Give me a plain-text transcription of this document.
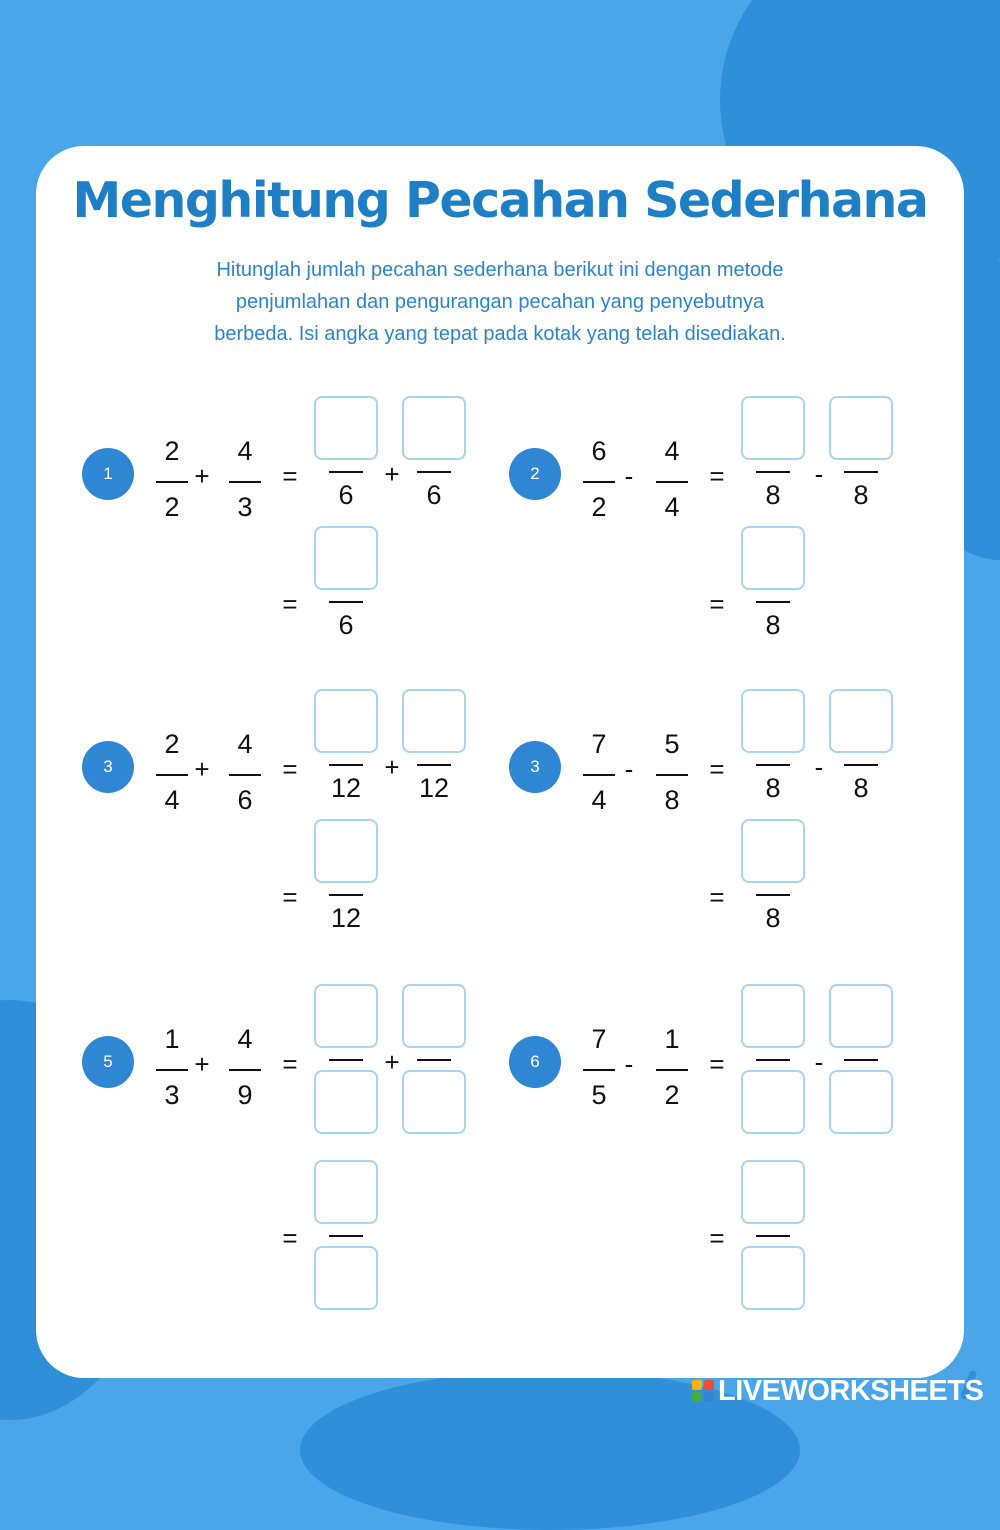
Menghitung Pecahan Sederhana
Hitunglah jumlah pecahan sederhana berikut ini dengan metode
penjumlahan dan pengurangan pecahan yang penyebutnya
berbeda. Isi angka yang tepat pada kotak yang telah disediakan.
1
2
2
+
4
3
=	+
6	6
=
6
2
6
2
-
4
4
=	-
8	8
=
8
3
2
4
+
4
6
=	+
12	12
=
12
3
7
4
-
5
8
=	-
8	8
=
8
5
1
3
+
4
9
=	+
=
6
7
5
-
1
2
=	-
=
LIVEWORKSHEETS
